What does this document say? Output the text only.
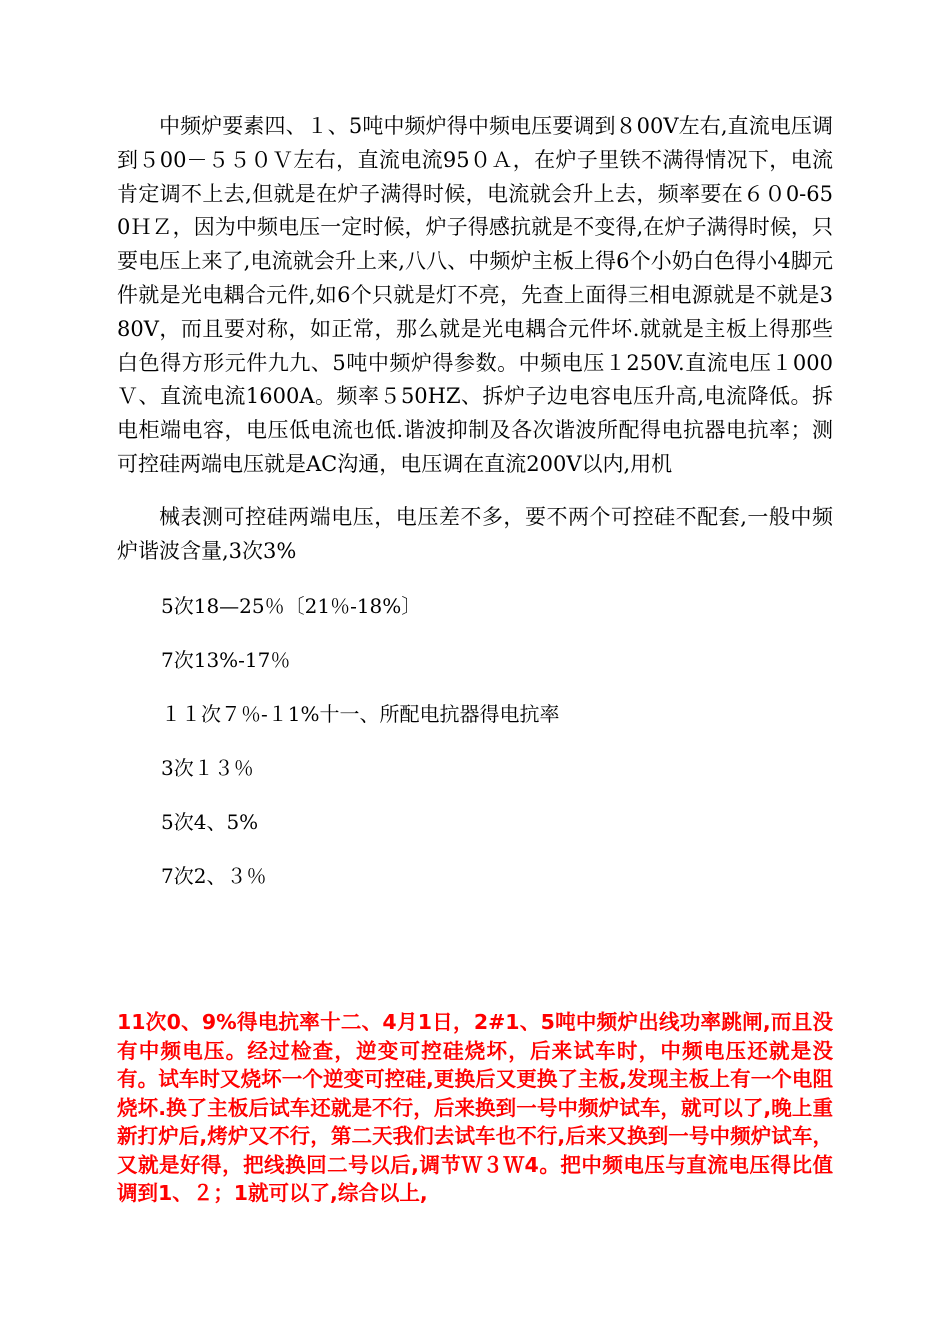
中频炉要素四、１、5吨中频炉得中频电压要调到８00V左右,直流电压调到５00－５５０Ｖ左右，直流电流95０Ａ，在炉子里铁不满得情况下，电流肯定调不上去,但就是在炉子满得时候，电流就会升上去，频率要在６０0-650ＨＺ，因为中频电压一定时候，炉子得感抗就是不变得,在炉子满得时候，只要电压上来了,电流就会升上来,八八、中频炉主板上得6个小奶白色得小4脚元件就是光电耦合元件,如6个只就是灯不亮，先查上面得三相电源就是不就是380V，而且要对称，如正常，那么就是光电耦合元件坏.就就是主板上得那些白色得方形元件九九、5吨中频炉得参数。中频电压１250V.直流电压１000Ｖ、直流电流1600A。频率５50HZ、拆炉子边电容电压升高,电流降低。拆电柜端电容，电压低电流也低.谐波抑制及各次谐波所配得电抗器电抗率；测可控硅两端电压就是AC沟通，电压调在直流200V以内,用机

械表测可控硅两端电压，电压差不多，要不两个可控硅不配套,一般中频炉谐波含量,3次3%

5次18—25％〔21％-18%〕
7次13%-17％
１１次７％-１1%十一、所配电抗器得电抗率
3次１３％
5次4、5%
7次2、３％

11次0、9%得电抗率十二、4月1日，2#1、5吨中频炉出线功率跳闸,而且没有中频电压。经过检查，逆变可控硅烧坏，后来试车时，中频电压还就是没有。试车时又烧坏一个逆变可控硅,更换后又更换了主板,发现主板上有一个电阻烧坏.换了主板后试车还就是不行，后来换到一号中频炉试车，就可以了,晚上重新打炉后,烤炉又不行，第二天我们去试车也不行,后来又换到一号中频炉试车，又就是好得，把线换回二号以后,调节Ｗ３Ｗ4。把中频电压与直流电压得比值调到1、２；1就可以了,综合以上,
